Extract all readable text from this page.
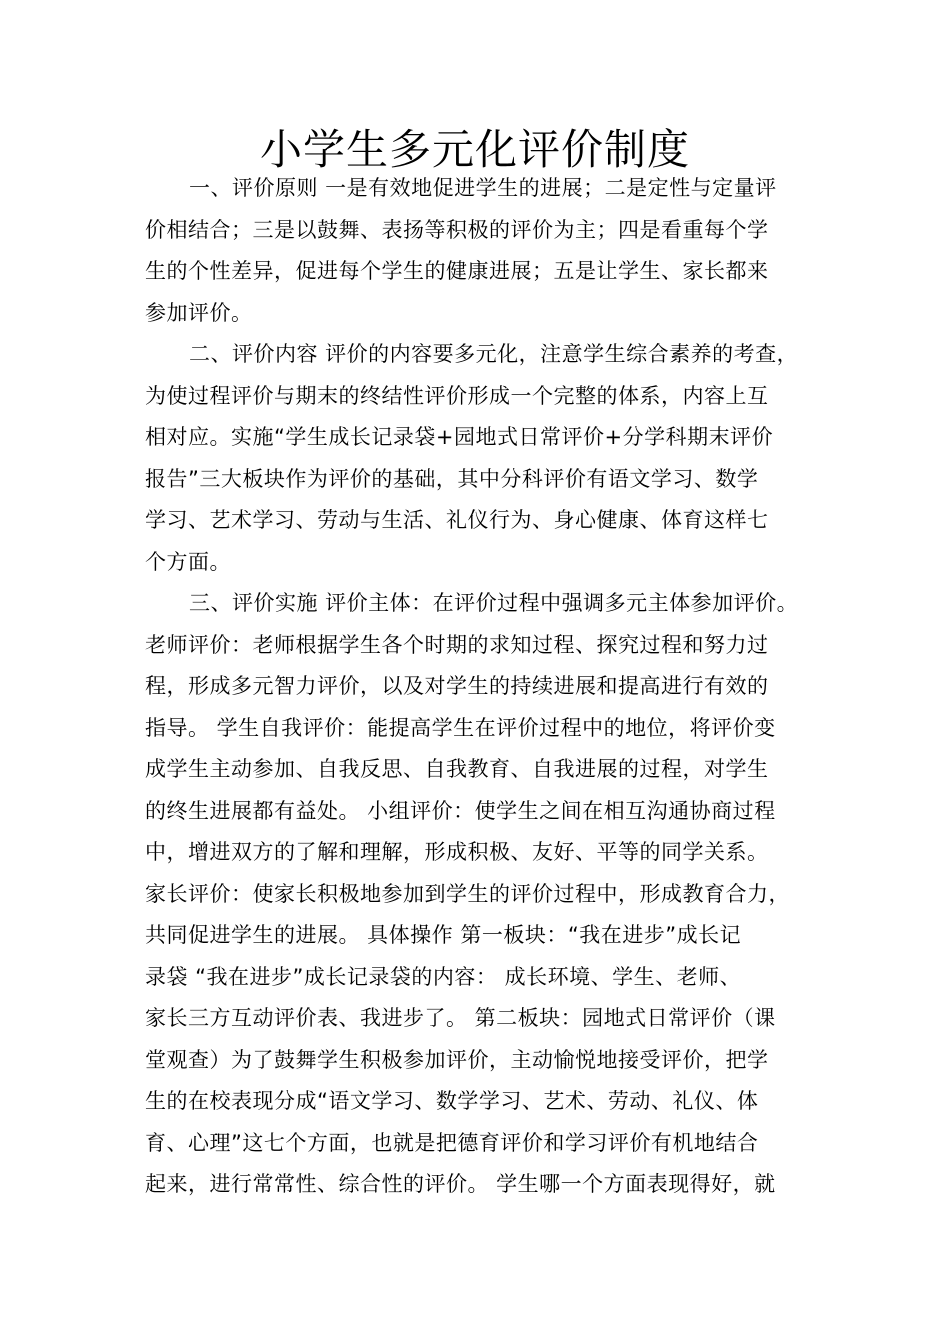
小学生多元化评价制度
一、评价原则 一是有效地促进学生的进展；二是定性与定量评
价相结合；三是以鼓舞、表扬等积极的评价为主；四是看重每个学
生的个性差异，促进每个学生的健康进展；五是让学生、家长都来
参加评价。
二、评价内容 评价的内容要多元化，注意学生综合素养的考查，
为使过程评价与期末的终结性评价形成一个完整的体系，内容上互
相对应。实施“学生成长记录袋+园地式日常评价+分学科期末评价
报告”三大板块作为评价的基础，其中分科评价有语文学习、数学
学习、艺术学习、劳动与生活、礼仪行为、身心健康、体育这样七
个方面。
三、评价实施 评价主体：在评价过程中强调多元主体参加评价。
老师评价：老师根据学生各个时期的求知过程、探究过程和努力过
程，形成多元智力评价，以及对学生的持续进展和提高进行有效的
指导。 学生自我评价：能提高学生在评价过程中的地位，将评价变
成学生主动参加、自我反思、自我教育、自我进展的过程，对学生
的终生进展都有益处。 小组评价：使学生之间在相互沟通协商过程
中，增进双方的了解和理解，形成积极、友好、平等的同学关系。
家长评价：使家长积极地参加到学生的评价过程中，形成教育合力，
共同促进学生的进展。 具体操作 第一板块：“我在进步”成长记
录袋 “我在进步”成长记录袋的内容： 成长环境、学生、老师、
家长三方互动评价表、我进步了。 第二板块：园地式日常评价（课
堂观查）为了鼓舞学生积极参加评价，主动愉悦地接受评价，把学
生的在校表现分成“语文学习、数学学习、艺术、劳动、礼仪、体
育、心理”这七个方面，也就是把德育评价和学习评价有机地结合
起来，进行常常性、综合性的评价。 学生哪一个方面表现得好，就
